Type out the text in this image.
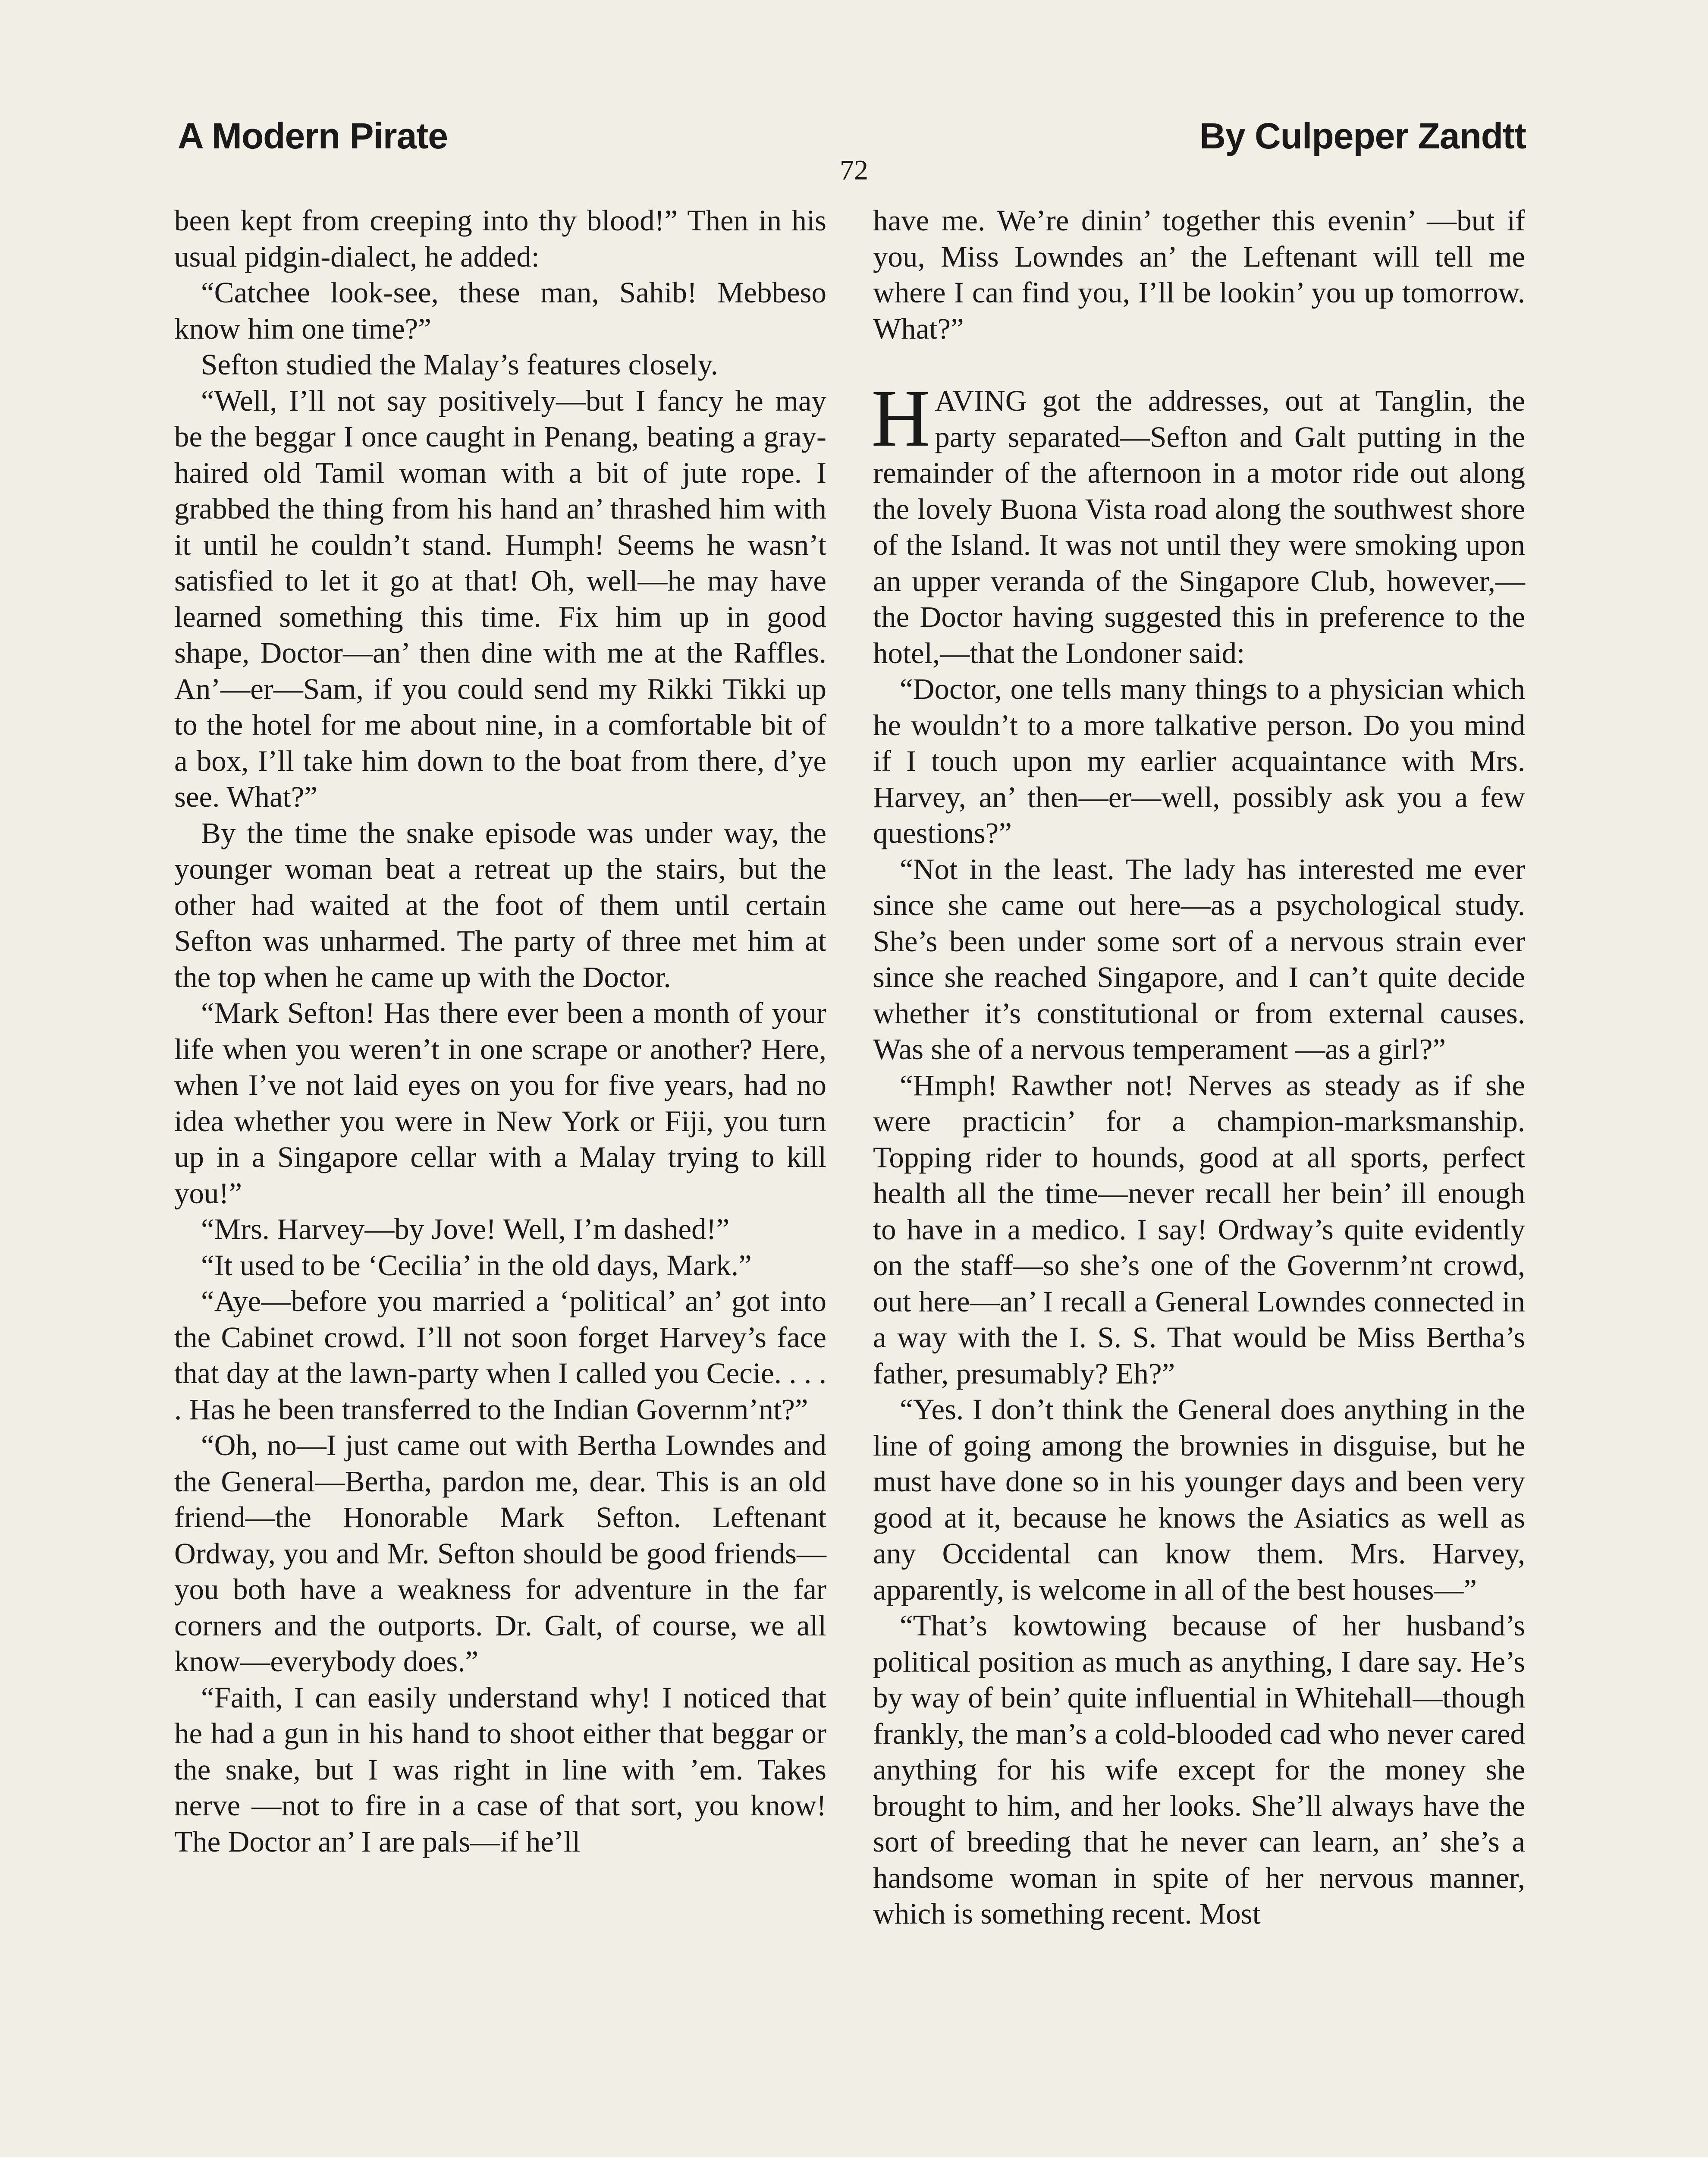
A Modern Pirate	By Culpeper Zandtt
72

been kept from creeping into thy blood!” Then in his usual pidgin-dialect, he added:

“Catchee look-see, these man, Sahib! Mebbeso know him one time?”

Sefton studied the Malay’s features closely.

“Well, I’ll not say positively—but I fancy he may be the beggar I once caught in Penang, beating a gray-haired old Tamil woman with a bit of jute rope. I grabbed the thing from his hand an’ thrashed him with it until he couldn’t stand. Humph! Seems he wasn’t satisfied to let it go at that! Oh, well—he may have learned something this time. Fix him up in good shape, Doctor—an’ then dine with me at the Raffles. An’—er—Sam, if you could send my Rikki Tikki up to the hotel for me about nine, in a comfortable bit of a box, I’ll take him down to the boat from there, d’ye see. What?”

By the time the snake episode was under way, the younger woman beat a retreat up the stairs, but the other had waited at the foot of them until certain Sefton was unharmed. The party of three met him at the top when he came up with the Doctor.

“Mark Sefton! Has there ever been a month of your life when you weren’t in one scrape or another? Here, when I’ve not laid eyes on you for five years, had no idea whether you were in New York or Fiji, you turn up in a Singapore cellar with a Malay trying to kill you!”

“Mrs. Harvey—by Jove! Well, I’m dashed!”

“It used to be ‘Cecilia’ in the old days, Mark.”

“Aye—before you married a ‘political’ an’ got into the Cabinet crowd. I’ll not soon forget Harvey’s face that day at the lawn-party when I called you Cecie. . . . . Has he been transferred to the Indian Governm’nt?”

“Oh, no—I just came out with Bertha Lowndes and the General—Bertha, pardon me, dear. This is an old friend—the Honorable Mark Sefton. Leftenant Ordway, you and Mr. Sefton should be good friends—you both have a weakness for adventure in the far corners and the outports. Dr. Galt, of course, we all know—everybody does.”

“Faith, I can easily understand why! I noticed that he had a gun in his hand to shoot either that beggar or the snake, but I was right in line with ’em. Takes nerve —not to fire in a case of that sort, you know! The Doctor an’ I are pals—if he’ll

have me. We’re dinin’ together this evenin’ —but if you, Miss Lowndes an’ the Leftenant will tell me where I can find you, I’ll be lookin’ you up tomorrow. What?”

HAVING got the addresses, out at Tanglin, the party separated—Sefton and Galt putting in the remainder of the afternoon in a motor ride out along the lovely Buona Vista road along the southwest shore of the Island. It was not until they were smoking upon an upper veranda of the Singapore Club, however,—the Doctor having suggested this in preference to the hotel,—that the Londoner said:

“Doctor, one tells many things to a physician which he wouldn’t to a more talkative person. Do you mind if I touch upon my earlier acquaintance with Mrs. Harvey, an’ then—er—well, possibly ask you a few questions?”

“Not in the least. The lady has interested me ever since she came out here—as a psychological study. She’s been under some sort of a nervous strain ever since she reached Singapore, and I can’t quite decide whether it’s constitutional or from external causes. Was she of a nervous temperament —as a girl?”

“Hmph! Rawther not! Nerves as steady as if she were practicin’ for a champion-marksmanship. Topping rider to hounds, good at all sports, perfect health all the time—never recall her bein’ ill enough to have in a medico. I say! Ordway’s quite evidently on the staff—so she’s one of the Governm’nt crowd, out here—an’ I recall a General Lowndes connected in a way with the I. S. S. That would be Miss Bertha’s father, presumably? Eh?”

“Yes. I don’t think the General does anything in the line of going among the brownies in disguise, but he must have done so in his younger days and been very good at it, because he knows the Asiatics as well as any Occidental can know them. Mrs. Harvey, apparently, is welcome in all of the best houses—”

“That’s kowtowing because of her husband’s political position as much as anything, I dare say. He’s by way of bein’ quite influential in Whitehall—though frankly, the man’s a cold-blooded cad who never cared anything for his wife except for the money she brought to him, and her looks. She’ll always have the sort of breeding that he never can learn, an’ she’s a handsome woman in spite of her nervous manner, which is something recent. Most
